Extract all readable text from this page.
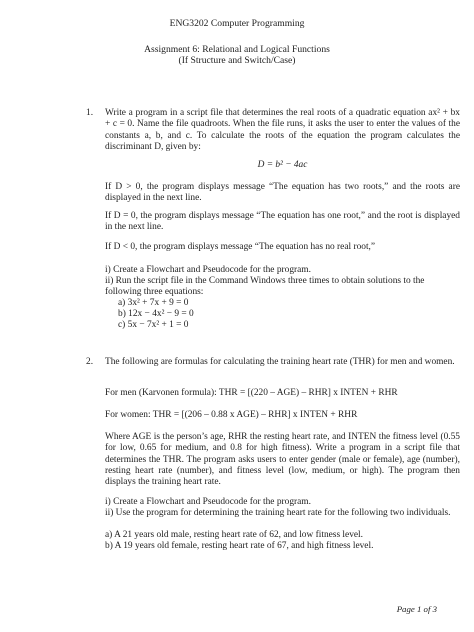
ENG3202 Computer Programming
Assignment 6: Relational and Logical Functions
(If Structure and Switch/Case)
1. Write a program in a script file that determines the real roots of a quadratic equation ax² + bx + c = 0. Name the file quadroots. When the file runs, it asks the user to enter the values of the constants a, b, and c. To calculate the roots of the equation the program calculates the discriminant D, given by:
D = b² − 4ac
If D > 0, the program displays message “The equation has two roots,” and the roots are displayed in the next line.
If D = 0, the program displays message “The equation has one root,” and the root is displayed in the next line.
If D < 0, the program displays message “The equation has no real root,”
i) Create a Flowchart and Pseudocode for the program.
ii) Run the script file in the Command Windows three times to obtain solutions to the following three equations:
a) 3x² + 7x + 9 = 0
b) 12x − 4x² − 9 = 0
c) 5x − 7x² + 1 = 0
2. The following are formulas for calculating the training heart rate (THR) for men and women.
For men (Karvonen formula): THR = [(220 – AGE) – RHR] x INTEN + RHR
For women: THR = [(206 – 0.88 x AGE) – RHR] x INTEN + RHR
Where AGE is the person’s age, RHR the resting heart rate, and INTEN the fitness level (0.55 for low, 0.65 for medium, and 0.8 for high fitness). Write a program in a script file that determines the THR. The program asks users to enter gender (male or female), age (number), resting heart rate (number), and fitness level (low, medium, or high). The program then displays the training heart rate.
i) Create a Flowchart and Pseudocode for the program.
ii) Use the program for determining the training heart rate for the following two individuals.
a) A 21 years old male, resting heart rate of 62, and low fitness level.
b) A 19 years old female, resting heart rate of 67, and high fitness level.
Page 1 of 3
